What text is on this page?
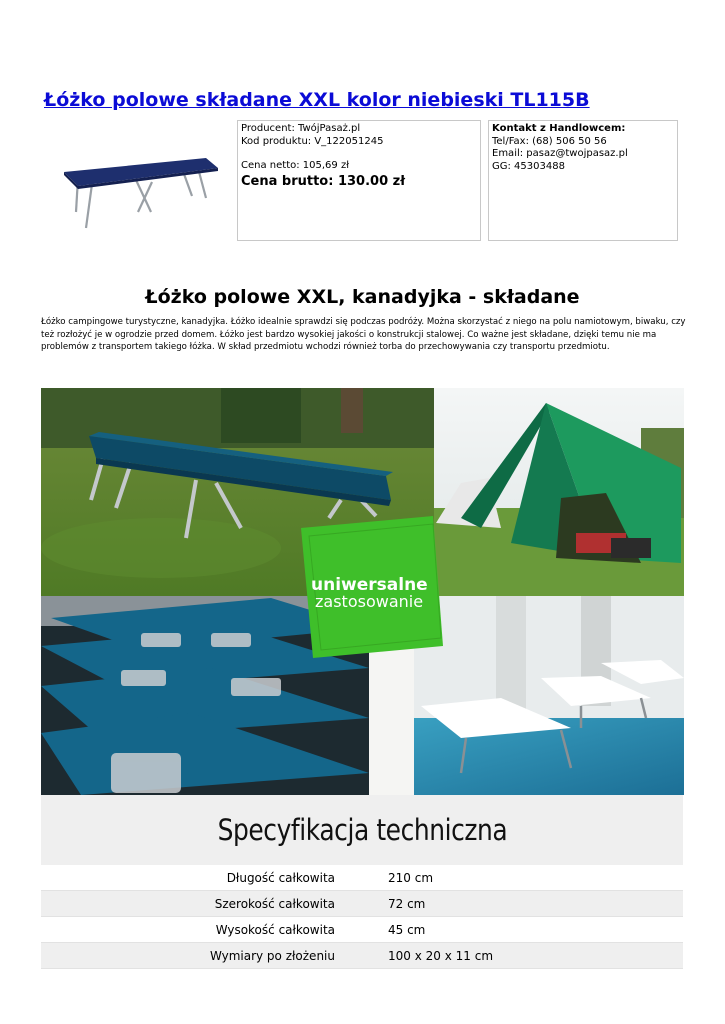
Łóżko polowe składane XXL kolor niebieski TL115B
Producent: TwójPasaż.pl
Kod produktu: V_122051245
Cena netto: 105,69 zł
Cena brutto: 130.00 zł
Kontakt z Handlowcem:
Tel/Fax: (68) 506 50 56
Email: pasaz@twojpasaz.pl
GG: 45303488
Łóżko polowe XXL, kanadyjka - składane
Łóżko campingowe turystyczne, kanadyjka. Łóżko idealnie sprawdzi się podczas podróży. Można skorzystać z niego na polu namiotowym, biwaku, czy też rozłożyć je w ogrodzie przed domem. Łóżko jest bardzo wysokiej jakości o konstrukcji stalowej. Co ważne jest składane, dzięki temu nie ma problemów z transportem takiego łóżka. W skład przedmiotu wchodzi również torba do przechowywania czy transportu przedmiotu.
uniwersalne
zastosowanie
Specyfikacja techniczna
Długość całkowita		210 cm
Szerokość całkowita		72 cm
Wysokość całkowita		45 cm
Wymiary po złożeniu		100 x 20 x 11 cm
